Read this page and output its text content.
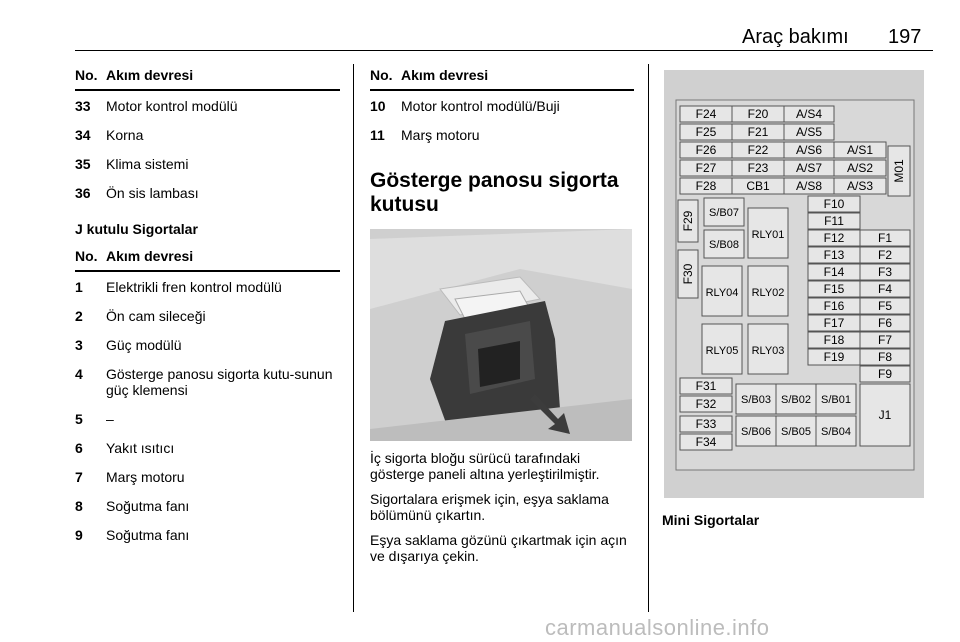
Araç bakımı 197
No.	Akım devresi
33	Motor kontrol modülü
34	Korna
35	Klima sistemi
36	Ön sis lambası
J kutulu Sigortalar
No.	Akım devresi
1	Elektrikli fren kontrol modülü
2	Ön cam sileceği
3	Güç modülü
4	Gösterge panosu sigorta kutu-sunun güç klemensi
5	–
6	Yakıt ısıtıcı
7	Marş motoru
8	Soğutma fanı
9	Soğutma fanı
No.	Akım devresi
10	Motor kontrol modülü/Buji
11	Marş motoru
Gösterge panosu sigorta kutusu
İç sigorta bloğu sürücü tarafındaki gösterge paneli altına yerleştirilmiştir.
Sigortalara erişmek için, eşya saklama bölümünü çıkartın.
Eşya saklama gözünü çıkartmak için açın ve dışarıya çekin.
F24	F20 A/S4
F25	F21 A/S5
F26	F22 A/S6 A/S1
F27	F23 A/S7 A/S2
F28 CB1 A/S8 A/S3
M01
F29
F30
S/B07
S/B08
RLY01
RLY04 RLY02
RLY05 RLY03
F10
F11
F12	F1
F13	F2
F14	F3
F15	F4
F16	F5
F17	F6
F18	F7
F19	F8
F9
F31
F32
F33
F34
S/B03 S/B02 S/B01
S/B06 S/B05 S/B04
J1
Mini Sigortalar
carmanualsonline.info
